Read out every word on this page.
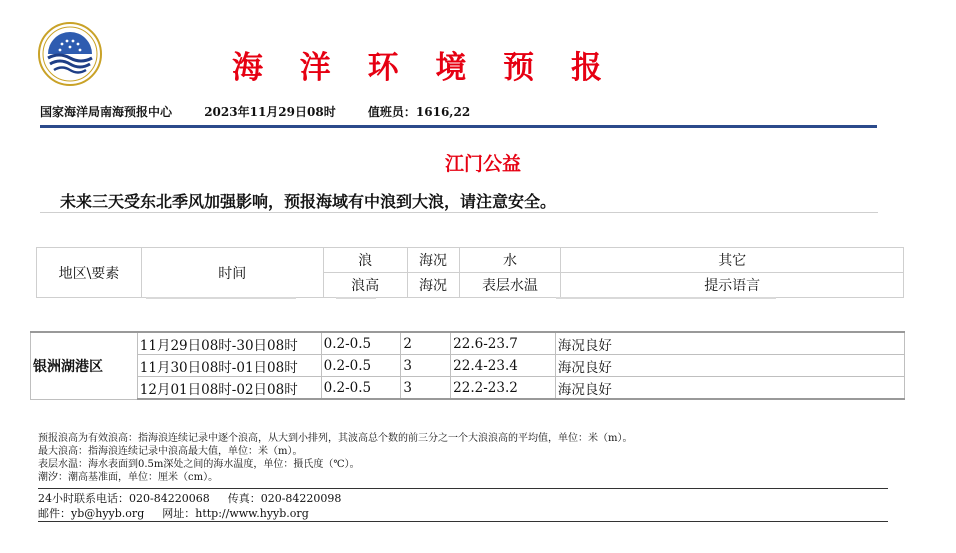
海 洋 环 境 预 报
国家海洋局南海预报中心	2023年11月29日08时	值班员：1616,22
江门公益
未来三天受东北季风加强影响，预报海域有中浪到大浪，请注意安全。
地区\要素	时间	浪	海况	水	其它
		浪高	海况	表层水温	提示语言
银洲湖港区	11月29日08时-30日08时	0.2-0.5	2	22.6-23.7	海况良好
	11月30日08时-01日08时	0.2-0.5	3	22.4-23.4	海况良好
	12月01日08时-02日08时	0.2-0.5	3	22.2-23.2	海况良好
预报浪高为有效浪高：指海浪连续记录中逐个浪高，从大到小排列，其波高总个数的前三分之一个大浪浪高的平均值，单位：米（m）。
最大浪高：指海浪连续记录中浪高最大值，单位：米（m）。
表层水温：海水表面到0.5m深处之间的海水温度，单位：摄氏度（℃）。
潮汐：潮高基准面，单位：厘米（cm）。
24小时联系电话：020-84220068 传真：020-84220098
邮件：yb@hyyb.org 网址：http://www.hyyb.org
